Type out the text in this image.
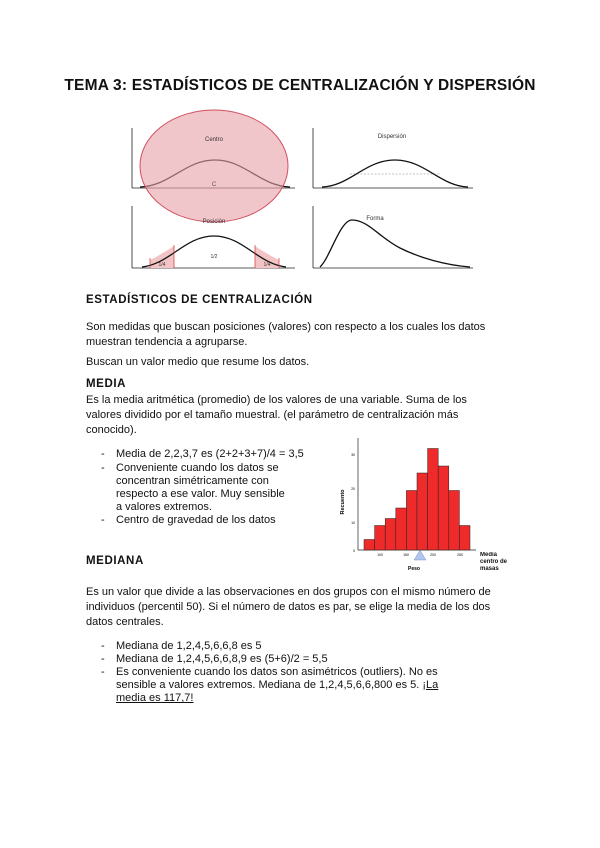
TEMA 3: ESTADÍSTICOS DE CENTRALIZACIÓN Y DISPERSIÓN
Centro
C
Dispersión
Posición
1/4
1/2
1/4
Forma
ESTADÍSTICOS DE CENTRALIZACIÓN
Son medidas que buscan posiciones (valores) con respecto a los cuales los datos muestran tendencia a agruparse.
Buscan un valor medio que resume los datos.
MEDIA
Es la media aritmética (promedio) de los valores de una variable. Suma de los valores dividido por el tamaño muestral. (el parámetro de centralización más conocido).
- Media de 2,2,3,7 es (2+2+3+7)/4 = 3,5
- Conveniente cuando los datos se concentran simétricamente con respecto a ese valor. Muy sensible a valores extremos.
- Centro de gravedad de los datos
Recuento
30
20
10
0
100	150	200	250
Peso
Media centro de masas
MEDIANA
Es un valor que divide a las observaciones en dos grupos con el mismo número de individuos (percentil 50). Si el número de datos es par, se elige la media de los dos datos centrales.
- Mediana de 1,2,4,5,6,6,8 es 5
- Mediana de 1,2,4,5,6,6,8,9 es (5+6)/2 = 5,5
- Es conveniente cuando los datos son asimétricos (outliers). No es sensible a valores extremos. Mediana de 1,2,4,5,6,6,800 es 5. ¡La media es 117,7!
